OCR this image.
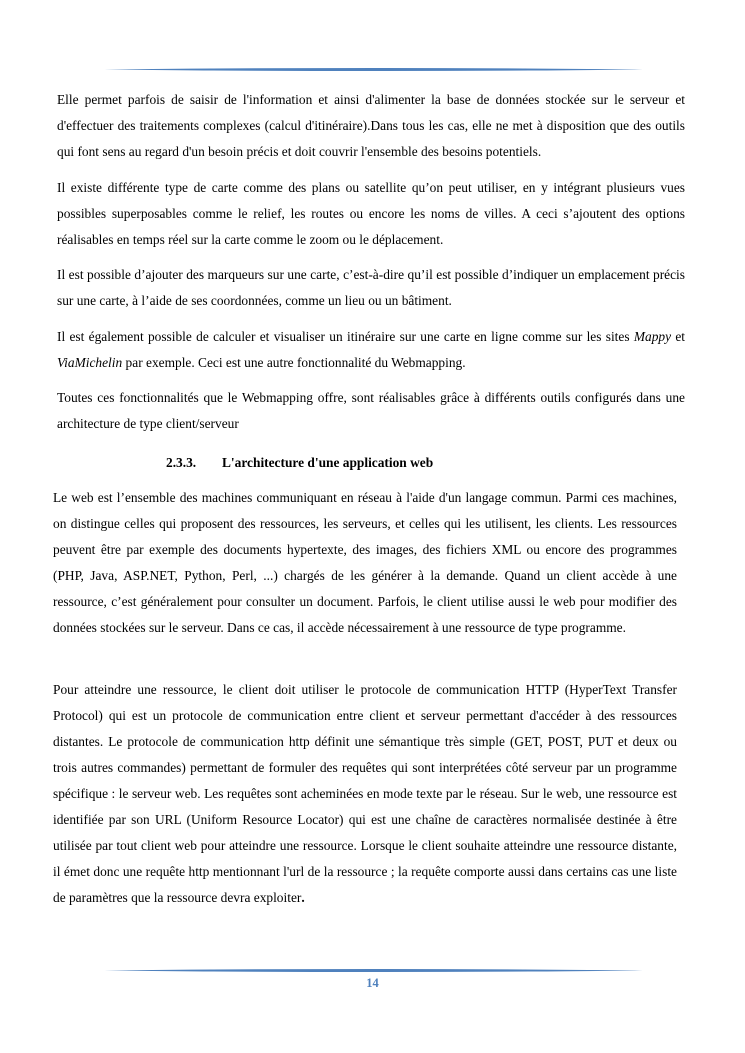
Elle permet parfois de saisir de l'information et ainsi d'alimenter la base de données stockée sur le serveur et d'effectuer des traitements complexes (calcul d'itinéraire).Dans tous les cas, elle ne met à disposition que des outils qui font sens au regard d'un besoin précis et doit couvrir l'ensemble des besoins potentiels.

Il existe différente type de carte comme des plans ou satellite qu’on peut utiliser, en y intégrant plusieurs vues possibles superposables comme le relief, les routes ou encore les noms de villes. A ceci s’ajoutent des options réalisables en temps réel sur la carte comme le zoom ou le déplacement.

Il est possible d’ajouter des marqueurs sur une carte, c’est-à-dire qu’il est possible d’indiquer un emplacement précis sur une carte, à l’aide de ses coordonnées, comme un lieu ou un bâtiment.

Il est également possible de calculer et visualiser un itinéraire sur une carte en ligne comme sur les sites Mappy et ViaMichelin par exemple. Ceci est une autre fonctionnalité du Webmapping.

Toutes ces fonctionnalités que le Webmapping offre, sont réalisables grâce à différents outils configurés dans une architecture de type client/serveur

2.3.3. L'architecture d'une application web

Le web est l’ensemble des machines communiquant en réseau à l'aide d'un langage commun. Parmi ces machines, on distingue celles qui proposent des ressources, les serveurs, et celles qui les utilisent, les clients. Les ressources peuvent être par exemple des documents hypertexte, des images, des fichiers XML ou encore des programmes (PHP, Java, ASP.NET, Python, Perl, ...) chargés de les générer à la demande. Quand un client accède à une ressource, c’est généralement pour consulter un document. Parfois, le client utilise aussi le web pour modifier des données stockées sur le serveur. Dans ce cas, il accède nécessairement à une ressource de type programme.

Pour atteindre une ressource, le client doit utiliser le protocole de communication HTTP (HyperText Transfer Protocol) qui est un protocole de communication entre client et serveur permettant d'accéder à des ressources distantes. Le protocole de communication http définit une sémantique très simple (GET, POST, PUT et deux ou trois autres commandes) permettant de formuler des requêtes qui sont interprétées côté serveur par un programme spécifique : le serveur web. Les requêtes sont acheminées en mode texte par le réseau. Sur le web, une ressource est identifiée par son URL (Uniform Resource Locator) qui est une chaîne de caractères normalisée destinée à être utilisée par tout client web pour atteindre une ressource. Lorsque le client souhaite atteindre une ressource distante, il émet donc une requête http mentionnant l'url de la ressource ; la requête comporte aussi dans certains cas une liste de paramètres que la ressource devra exploiter.

14
